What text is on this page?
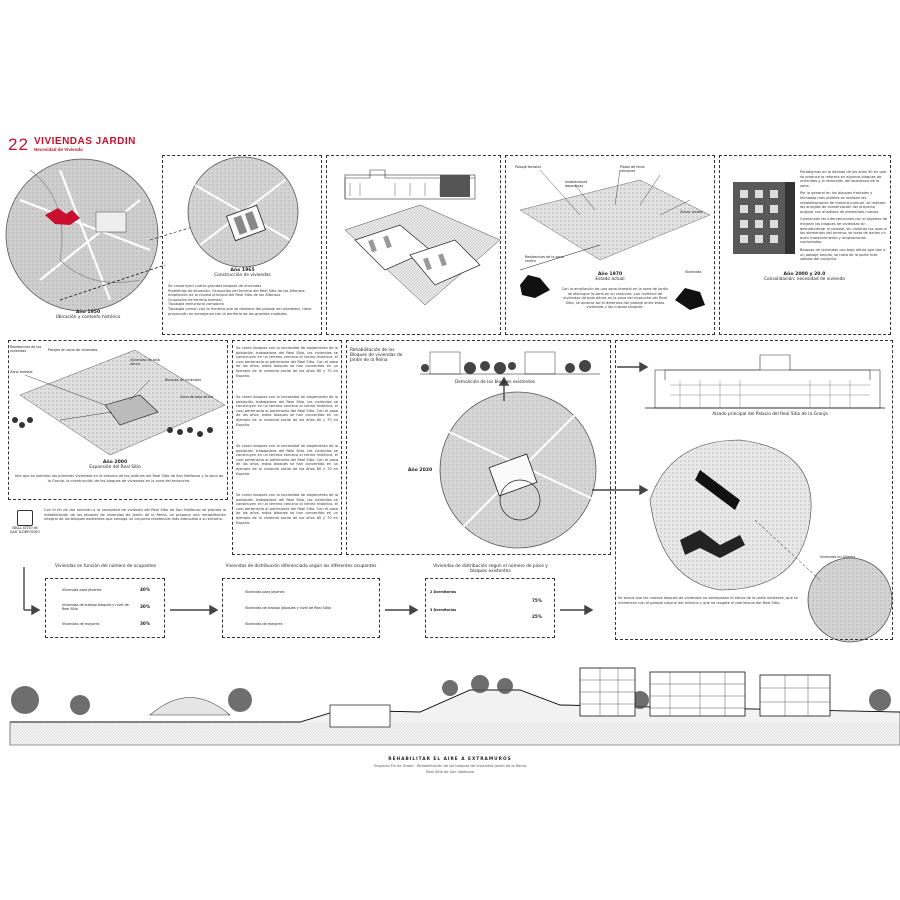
22 VIVIENDAS JARDIN
Necesidad de Vivienda
Año 1950
Ubicación y contexto histórico
Año 1965
Construcción de viviendas
Se construyen cuatro grandes bloques de viviendas
Problemas de situación. Ocupación del terreno del Real Sitio de los Alfonsos
Ampliación de la ciudad principal del Real Sitio de los Alfonsos
Ocupación de terreno forestal
Tipología estructural compacta
Tipología común con la frontera que se deshace del paisaje del alrededor, tiene proyección en semejanza con la periferia de las grandes ciudades
Paisaje forestal
Instalaciones deportivas
Pistas de tenis cercanas
Zonas verdes
Residencias de la zona centro
Viviendas
Año 1970
Estado actual
Con la ampliación de una zona forestal en la zona de Jardín se distingue la zona en su conjunto, con multitud de viviendas de baja altura en la zona del ensanche del Real Sitio, se aprecia así el deterioro del paisaje entre estas viviendas y los nuevos bloques.
Paradigmas en la década de los años 90 en que se produce la reforma en algunos bloques de viviendas y la reducción del abandono de la zona.
Por lo general en los bloques frontales y fachadas más visibles se realizan las rehabilitaciones de manera puntual, se realizan los arreglos de conservación del proyecto original con añadidos de elementos nuevos.
Comienzan las intervenciones con el objetivo de mejorar los bloques de viviendas sin desnaturalizar el paisaje, sin cambiar los usos ni los elementos del terreno, se trata de darles un buen mantenimiento y ampliaciones controladas.
Bloques de viviendas con baja altura que dan a un paisaje amplio, se trata de la parte más valiosa del conjunto.
Año 2000 y 20.0
Consolidación: necesidad de vivienda
Residencias de los viviendas	Parajes en zona de viviendas
Viviendas de baja altura
Bloques de viviendas
Zona de baja altura
Zona forestal
Año 2000
Expansión del Real Sitio
Año que se solicitan las primeras viviendas en el entorno de los jardines del Real Sitio de San Ildefonso y la zona de la Granja, la construcción de los bloques de viviendas en la zona del ensanche.
Se crean bloques con la necesidad de alojamiento de la población trabajadora del Real Sitio, las viviendas se construyen en un terreno cercano al centro histórico, el cual pertenecía al patrimonio del Real Sitio. Con el paso de los años, estos bloques se han convertido en un ejemplo de la vivienda social de los años 60 y 70 en España.
Se crean bloques con la necesidad de alojamiento de la población trabajadora del Real Sitio, las viviendas se construyen en un terreno cercano al centro histórico, el cual pertenecía al patrimonio del Real Sitio. Con el paso de los años, estos bloques se han convertido en un ejemplo de la vivienda social de los años 60 y 70 en España.
Se crean bloques con la necesidad de alojamiento de la población trabajadora del Real Sitio, las viviendas se construyen en un terreno cercano al centro histórico, el cual pertenecía al patrimonio del Real Sitio. Con el paso de los años, estos bloques se han convertido en un ejemplo de la vivienda social de los años 60 y 70 en España.
Se crean bloques con la necesidad de alojamiento de la población trabajadora del Real Sitio, las viviendas se construyen en un terreno cercano al centro histórico, el cual pertenecía al patrimonio del Real Sitio. Con el paso de los años, estos bloques se han convertido en un ejemplo de la vivienda social de los años 60 y 70 en España.
Rehabilitación de los Bloques de viviendas de Jardín de la Reina
Demolición de los bloques existentes
Año 2020
Alzado principal del Palacio del Real Sitio de la Granja
Viviendas en Alijares
Se busca que los nuevos bloques de viviendas no sobrepasen la altura de la parte existente, que se mimeticen con el paisaje natural del entorno y que se respete el patrimonio del Real Sitio.
REAL SITIO de
SAN ILDEFONSO
Con el fin de dar solución a la necesidad de vivienda del Real Sitio de San Ildefonso se plantea la rehabilitación de los bloques de viviendas de Jardín de la Reina, se propone una rehabilitación integral de los bloques existentes que consiga un conjunto residencial más adecuado a su entorno.
Viviendas en función del número de ocupantes
Viviendas para jóvenes	40%
Viviendas de trabajo bloques y nivel de Real Sitio	30%
Viviendas de mayores	30%
Viviendas de distribución diferenciada según los diferentes ocupantes
Viviendas para jóvenes
Viviendas de trabajo (bloques y nivel de Real Sitio)
Viviendas de mayores
Viviendas de distribución según el número de pisos y bloques existentes
2 Dormitorios
75%
3 Dormitorios
25%
REHABILITAR EL AIRE A EXTRAMUROS
Proyecto Fin de Grado · Rehabilitación de los bloques de viviendas Jardín de la Reina
Real Sitio de San Ildefonso
